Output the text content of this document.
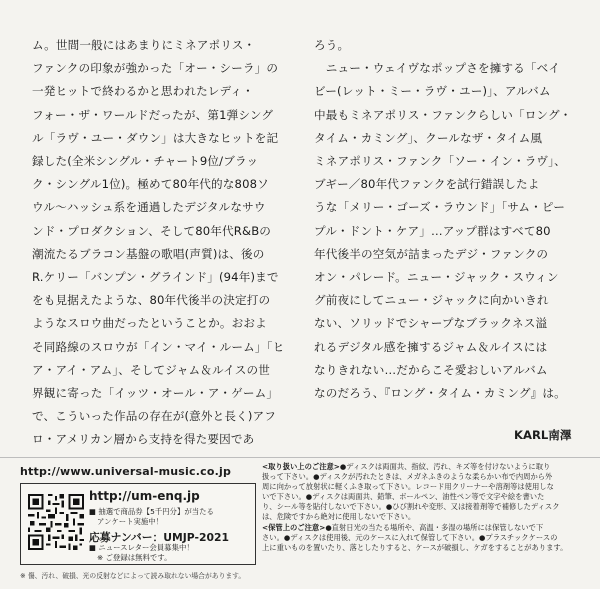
ム。世間一般にはあまりにミネアポリス・
ファンクの印象が強かった「オー・シーラ」の
一発ヒットで終わるかと思われたレディ・
フォー・ザ・ワールドだったが、第1弾シング
ル「ラヴ・ユー・ダウン」は大きなヒットを記
録した(全米シングル・チャート9位/ブラッ
ク・シングル1位)。極めて80年代的な808ソ
ウル〜ハッシュ系を通過したデジタルなサウ
ンド・プロダクション、そして80年代R&Bの
潮流たるブラコン基盤の歌唱(声質)は、後の
R.ケリー「バンプン・グラインド」(94年)まで
をも見据えたような、80年代後半の決定打の
ようなスロウ曲だったということか。おおよ
そ同路線のスロウが「イン・マイ・ルーム」「ヒ
ア・アイ・アム」、そしてジャム＆ルイスの世
界観に寄った「イッツ・オール・ア・ゲーム」
で、こういった作品の存在が(意外と長く)アフ
ロ・アメリカン層から支持を得た要因であ
ろう。
　ニュー・ウェイヴなポップさを擁する「ベイ
ビー(レット・ミー・ラヴ・ユー)」、アルバム
中最もミネアポリス・ファンクらしい「ロング・
タイム・カミング」、クールなザ・タイム風
ミネアポリス・ファンク「ソー・イン・ラヴ」、
ブギー／80年代ファンクを試行錯誤したよ
うな「メリー・ゴーズ・ラウンド」「サム・ピー
プル・ドント・ケア」…アップ群はすべて80
年代後半の空気が詰まったデジ・ファンクの
オン・パレード。ニュー・ジャック・スウィン
グ前夜にしてニュー・ジャックに向かいきれ
ない、ソリッドでシャープなブラックネス溢
れるデジタル感を擁するジャム＆ルイスには
なりきれない…だからこそ愛おしいアルバム
なのだろう、『ロング・タイム・カミング』は。
KARL南澤
http://www.universal-music.co.jp
http://um-enq.jp
■ 抽選で商品券【5千円分】が当たる
アンケート実施中！
応募ナンバー：UMJP-2021
■ ニュースレター会員募集中！
※ ご登録は無料です。
※ 傷、汚れ、破損、光の反射などによって読み取れない場合があります。
<取り扱い上のご注意>●ディスクは両面共、指紋、汚れ、キズ等を付けないように取り
扱って下さい。●ディスクが汚れたときは、メガネふきのような柔らかい布で内周から外
周に向かって放射状に軽くふき取って下さい。レコード用クリーナーや溶剤等は使用しな
いで下さい。●ディスクは両面共、鉛筆、ボールペン、油性ペン等で文字や絵を書いた
り、シール等を貼付しないで下さい。●ひび割れや変形、又は接着剤等で補修したディスク
は、危険ですから絶対に使用しないで下さい。
<保管上のご注意>●直射日光の当たる場所や、高温・多湿の場所には保管しないで下
さい。●ディスクは使用後、元のケースに入れて保管して下さい。●プラスチックケースの
上に重いものを置いたり、落としたりすると、ケースが破損し、ケガをすることがあります。
